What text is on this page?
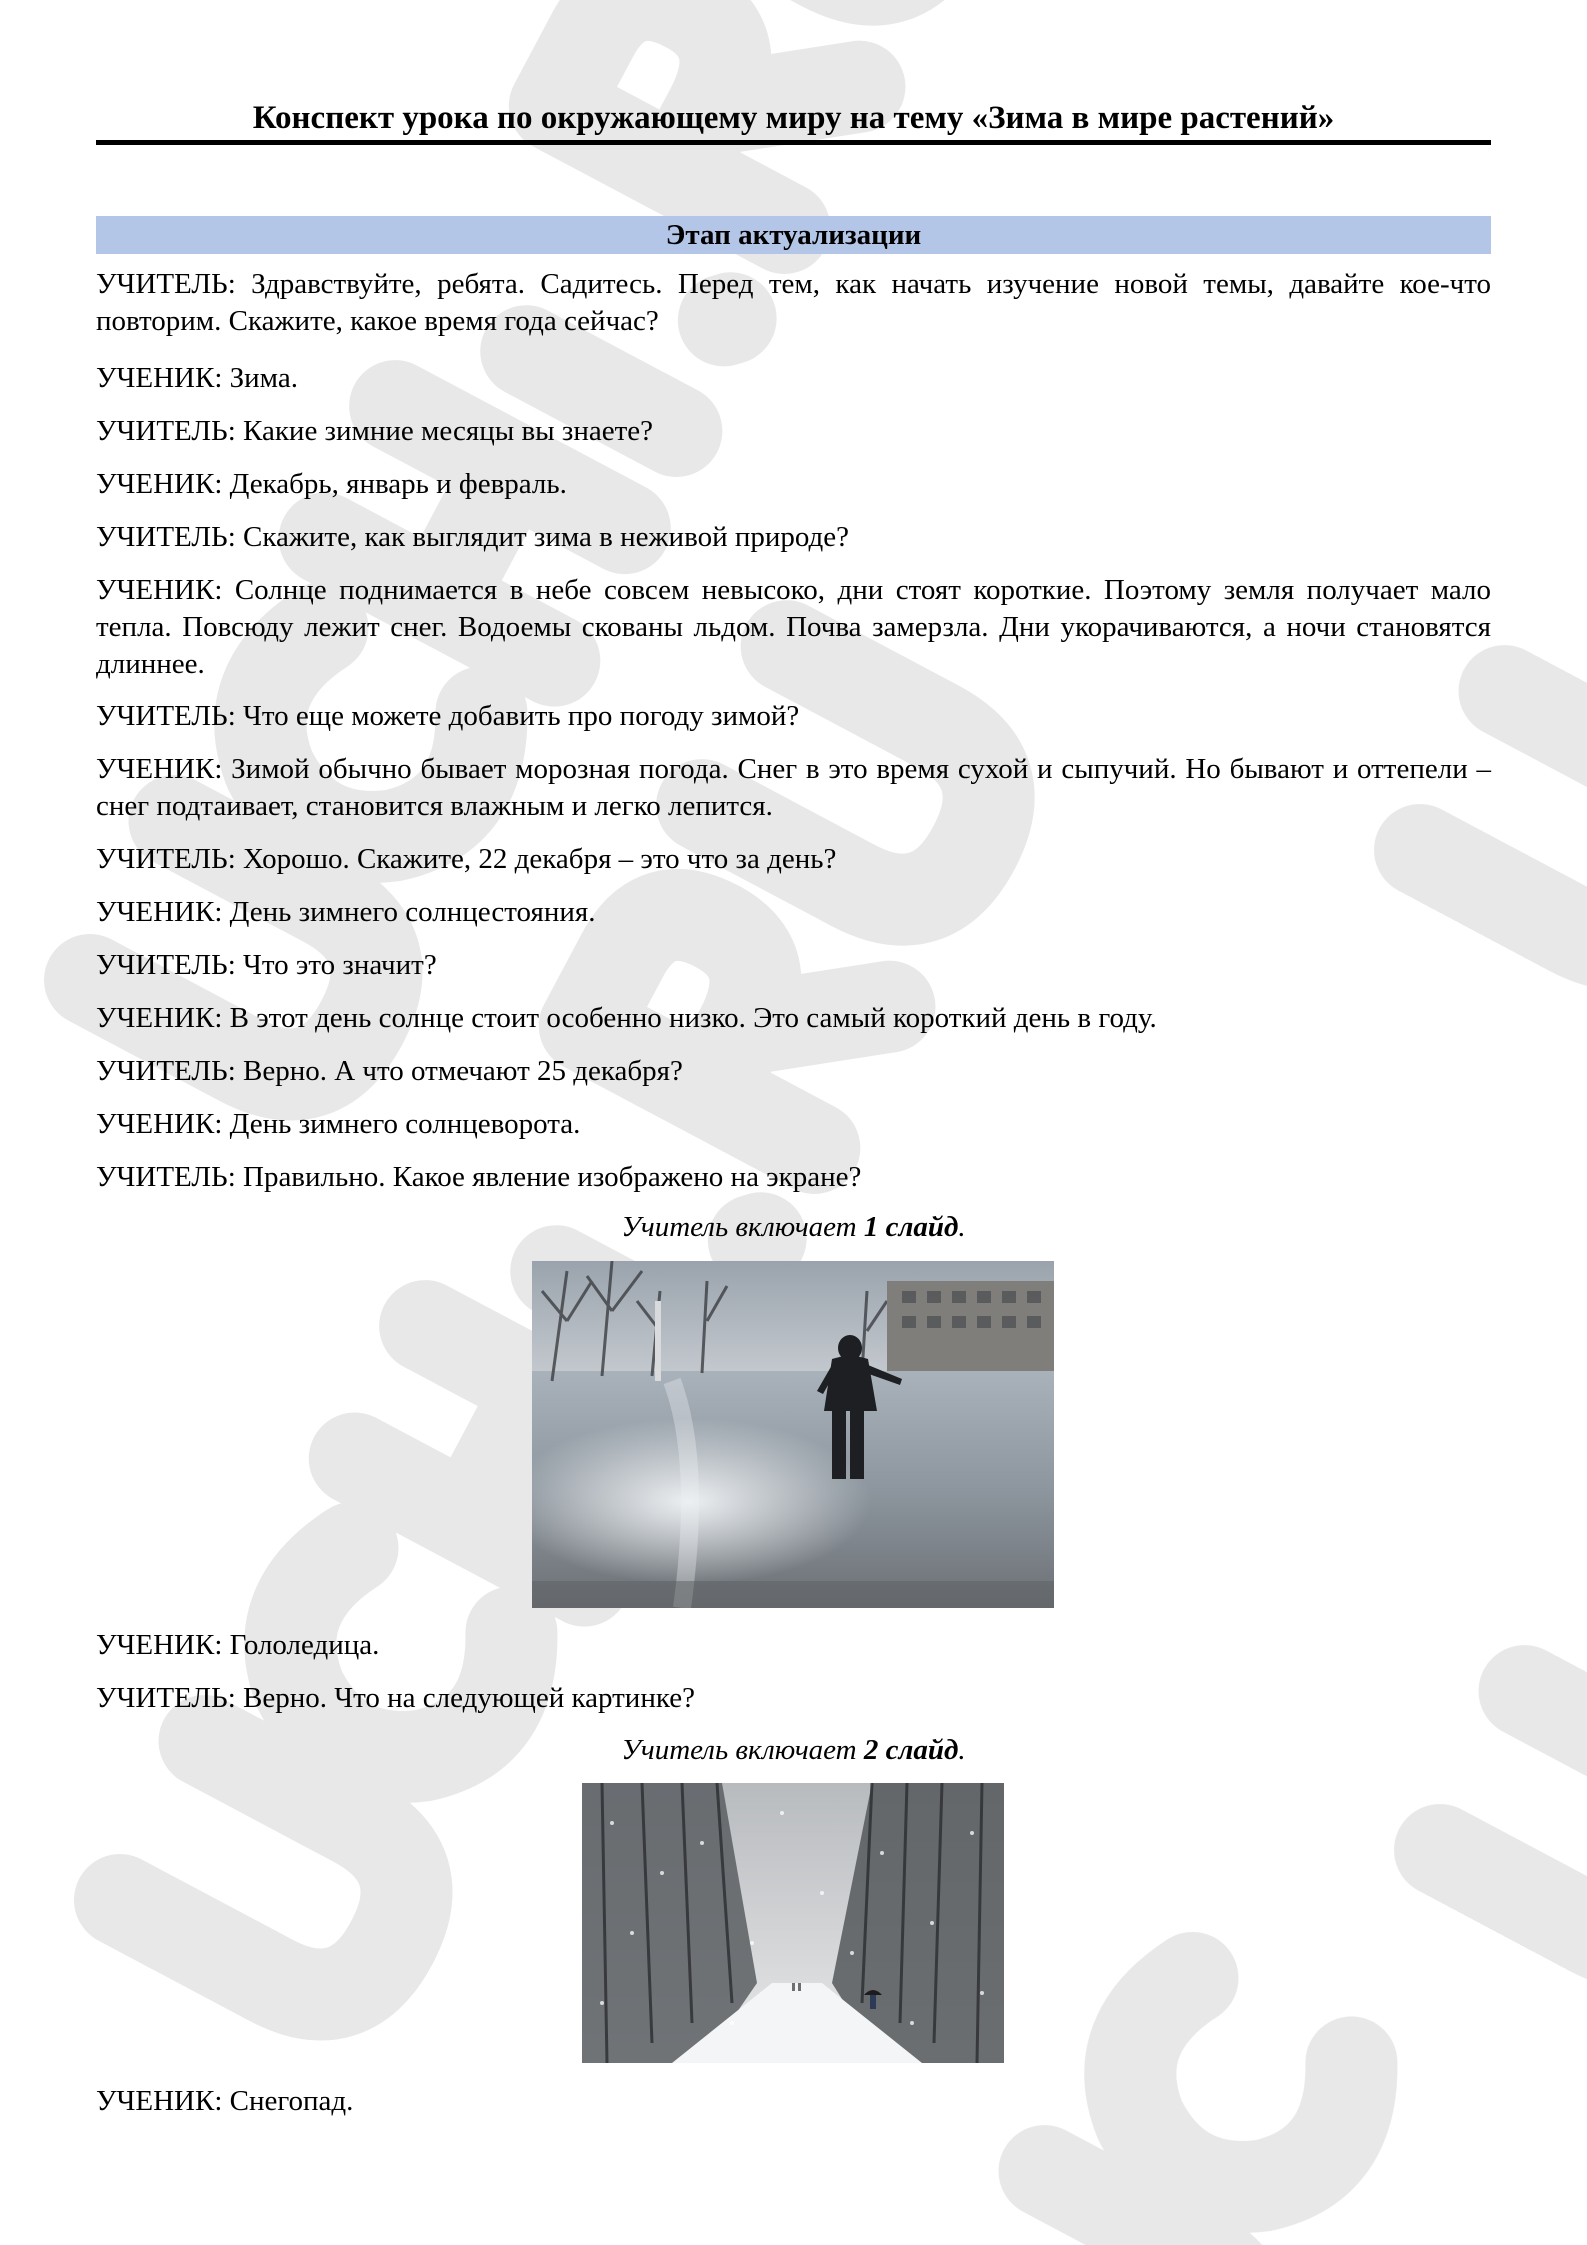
Конспект урока по окружающему миру на тему «Зима в мире растений»
Этап актуализации
УЧИТЕЛЬ: Здравствуйте, ребята. Садитесь. Перед тем, как начать изучение новой темы, давайте кое-что повторим. Скажите, какое время года сейчас?
УЧЕНИК: Зима.
УЧИТЕЛЬ: Какие зимние месяцы вы знаете?
УЧЕНИК: Декабрь, январь и февраль.
УЧИТЕЛЬ: Скажите, как выглядит зима в неживой природе?
УЧЕНИК: Солнце поднимается в небе совсем невысоко, дни стоят короткие. Поэтому земля получает мало тепла. Повсюду лежит снег. Водоемы скованы льдом. Почва замерзла. Дни укорачиваются, а ночи становятся длиннее.
УЧИТЕЛЬ: Что еще можете добавить про погоду зимой?
УЧЕНИК: Зимой обычно бывает морозная погода. Снег в это время сухой и сыпучий. Но бывают и оттепели – снег подтаивает, становится влажным и легко лепится.
УЧИТЕЛЬ: Хорошо. Скажите, 22 декабря – это что за день?
УЧЕНИК: День зимнего солнцестояния.
УЧИТЕЛЬ: Что это значит?
УЧЕНИК: В этот день солнце стоит особенно низко. Это самый короткий день в году.
УЧИТЕЛЬ: Верно. А что отмечают 25 декабря?
УЧЕНИК: День зимнего солнцеворота.
УЧИТЕЛЬ: Правильно. Какое явление изображено на экране?
Учитель включает 1 слайд.
УЧЕНИК: Гололедица.
УЧИТЕЛЬ: Верно. Что на следующей картинке?
Учитель включает 2 слайд.
УЧЕНИК: Снегопад.
